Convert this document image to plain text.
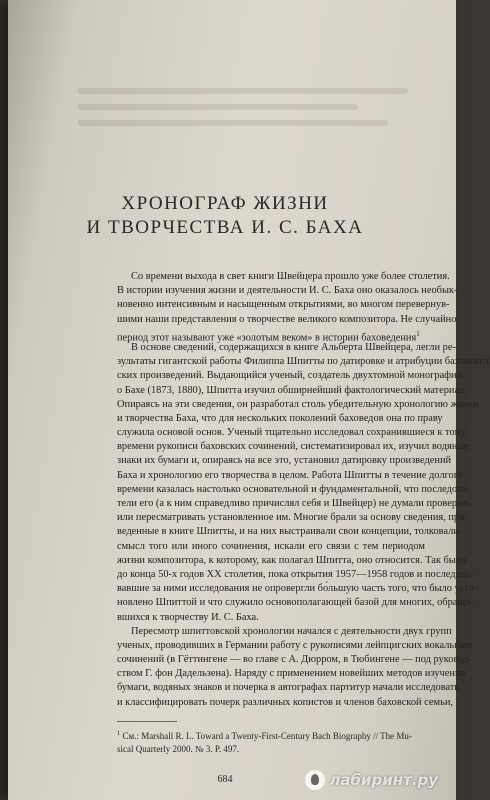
ХРОНОГРАФ ЖИЗНИ
И ТВОРЧЕСТВА И. С. БАХА
Со времени выхода в свет книги Швейцера прошло уже более столетия.
В истории изучения жизни и деятельности И. С. Баха оно оказалось необык-
новенно интенсивным и насыщенным открытиями, во многом перевернув-
шими наши представления о творчестве великого композитора. Не случайно
период этот называют уже «золотым веком» в истории баховедения$^1$
В основе сведений, содержащихся в книге Альберта Швейцера, легли ре-
зультаты гигантской работы Филиппа Шпитты по датировке и атрибуции баховских
ских произведений. Выдающийся ученый, создатель двухтомной монографии
о Бахе (1873, 1880), Шпитта изучил обширнейший фактологический материал.
Опираясь на эти сведения, он разработал столь убедительную хронологию жизни
и творчества Баха, что для нескольких поколений баховедов она по праву
служила основой основ. Ученый тщательно исследовал сохранившиеся к тому
времени рукописи баховских сочинений, систематизировал их, изучил водяные
знаки их бумаги и, опираясь на все это, установил датировку произведений
Баха и хронологию его творчества в целом. Работа Шпитты в течение долгого
времени казалась настолько основательной и фундаментальной, что последова-
тели его (а к ним справедливо причислял себя и Швейцер) не думали проверять
или пересматривать установленное им. Многие брали за основу сведения, при-
веденные в книге Шпитты, и на них выстраивали свои концепции, толковали
смысл того или иного сочинения, искали его связи с тем периодом
жизни композитора, к которому, как полагал Шпитта, оно относится. Так было
до конца 50-х годов XX столетия, пока открытия 1957—1958 годов и последова-
вавшие за ними исследования не опровергли бо́льшую часть того, что было уста-
новлено Шпиттой и что служило основополагающей базой для многих, обраща-
вшихся к творчеству И. С. Баха.
Пересмотр шпиттовской хронологии начался с деятельности двух групп
ученых, проводивших в Германии работу с рукописями лейпцигских вокальных
сочинений (в Гёттингене — во главе с А. Дюрром, в Тюбингене — под руковод-
ством Г. фон Дадельзена). Наряду с применением новейших методов изучения
бумаги, водяных знаков и почерка в автографах партитур начали исследовать
и классифицировать почерк различных копистов и членов баховской семьи,
$^1$ См.: Marshall R. L. Toward a Twenty-First-Century Bach Biography // The Mu-
sical Quarterly 2000. № 3. P. 497.
684	лабиринт.ру
